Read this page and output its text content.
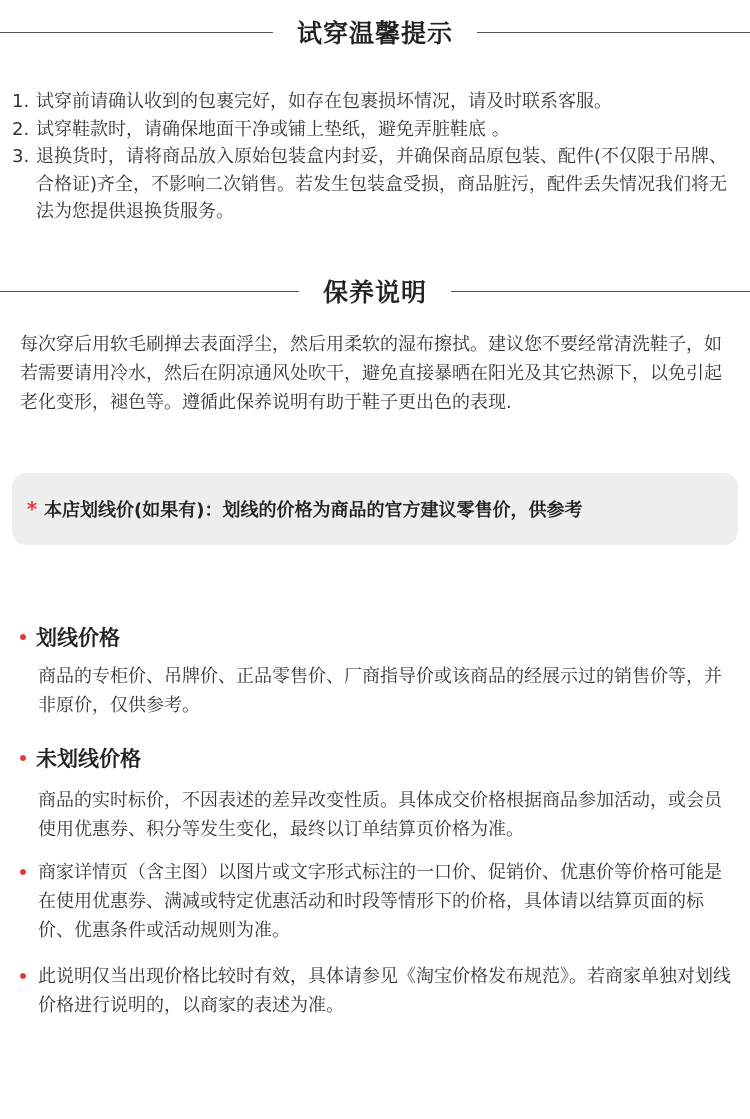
试穿温馨提示
1. 试穿前请确认收到的包裹完好，如存在包裹损坏情况，请及时联系客服。
2. 试穿鞋款时，请确保地面干净或铺上垫纸，避免弄脏鞋底 。
3. 退换货时，请将商品放入原始包装盒内封妥，并确保商品原包装、配件(不仅限于吊牌、合格证)齐全，不影响二次销售。若发生包装盒受损，商品脏污，配件丢失情况我们将无法为您提供退换货服务。
保养说明

每次穿后用软毛刷掸去表面浮尘，然后用柔软的湿布擦拭。建议您不要经常清洗鞋子，如若需要请用冷水，然后在阴凉通风处吹干，避免直接暴晒在阳光及其它热源下，以免引起老化变形，褪色等。遵循此保养说明有助于鞋子更出色的表现.

* 本店划线价(如果有)：划线的价格为商品的官方建议零售价，供参考
划线价格

商品的专柜价、吊牌价、正品零售价、厂商指导价或该商品的经展示过的销售价等，并非原价，仅供参考。

未划线价格

商品的实时标价，不因表述的差异改变性质。具体成交价格根据商品参加活动，或会员使用优惠券、积分等发生变化，最终以订单结算页价格为准。

商家详情页（含主图）以图片或文字形式标注的一口价、促销价、优惠价等价格可能是在使用优惠券、满减或特定优惠活动和时段等情形下的价格，具体请以结算页面的标价、优惠条件或活动规则为准。
此说明仅当出现价格比较时有效，具体请参见《淘宝价格发布规范》。若商家单独对划线价格进行说明的，以商家的表述为准。
